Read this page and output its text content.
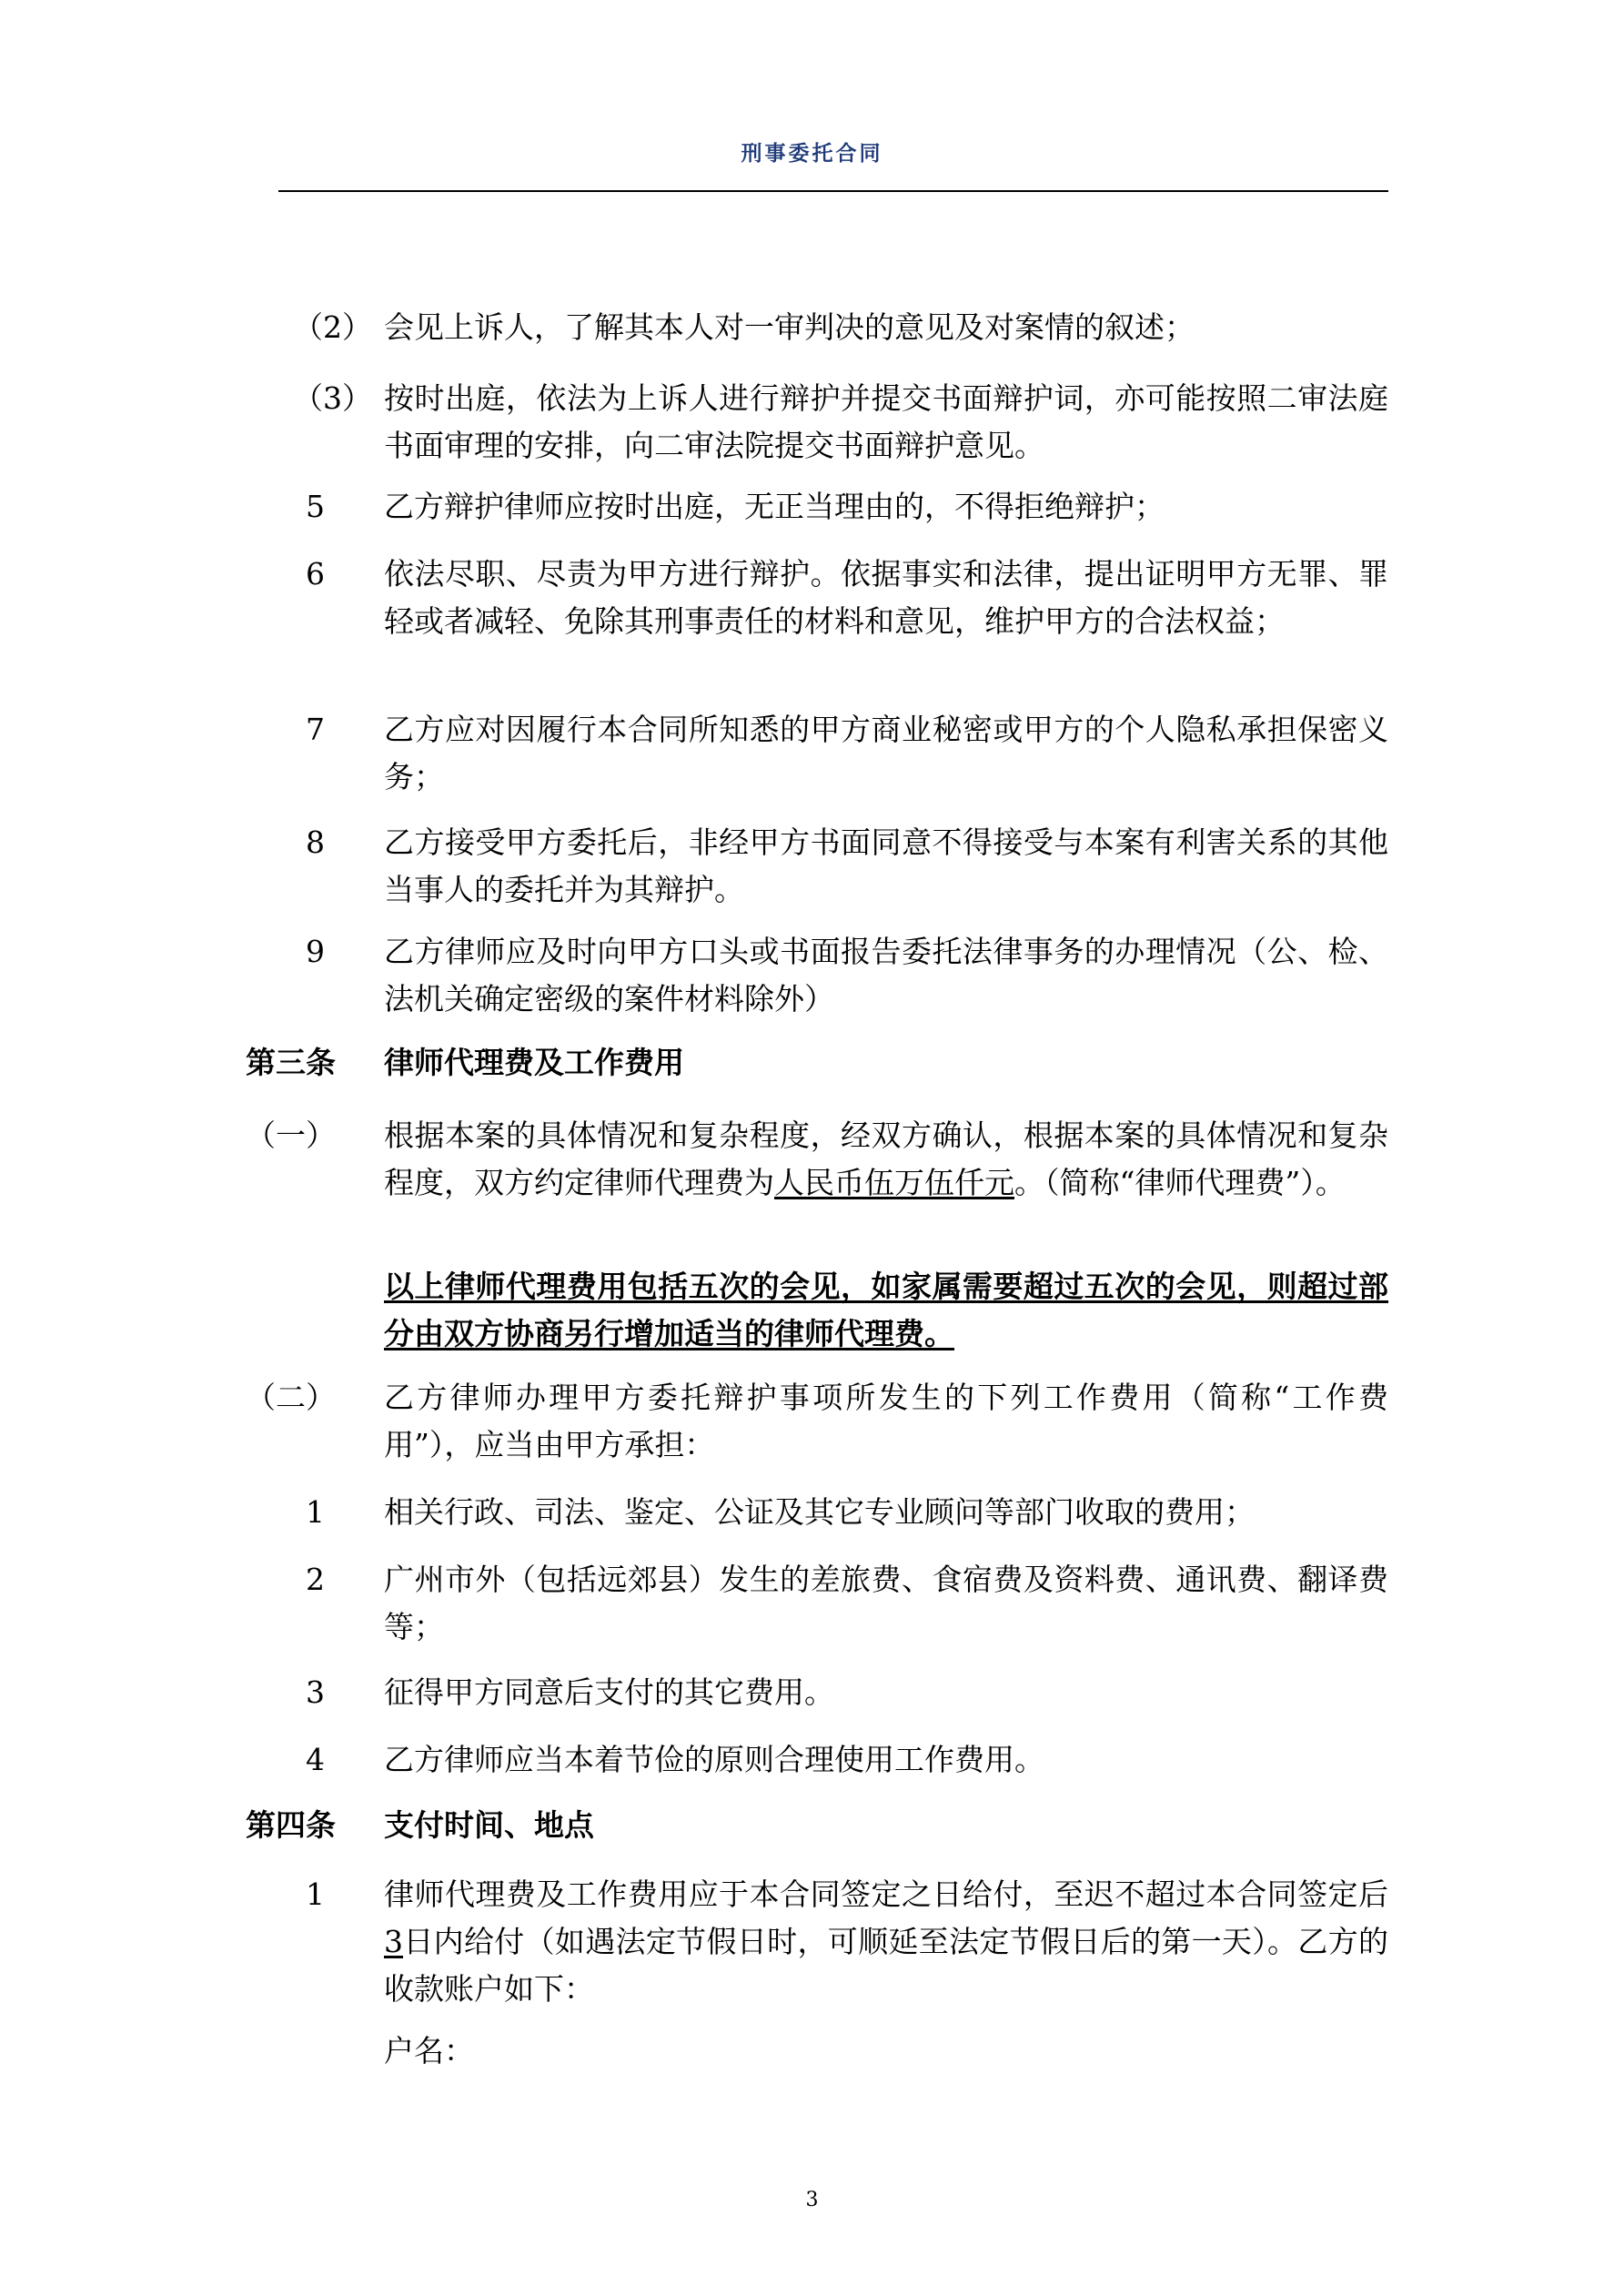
刑事委托合同
（2） 会见上诉人，了解其本人对一审判决的意见及对案情的叙述；
（3） 按时出庭，依法为上诉人进行辩护并提交书面辩护词，亦可能按照二审法庭书面审理的安排，向二审法院提交书面辩护意见。
5 乙方辩护律师应按时出庭，无正当理由的，不得拒绝辩护；
6 依法尽职、尽责为甲方进行辩护。依据事实和法律，提出证明甲方无罪、罪轻或者减轻、免除其刑事责任的材料和意见，维护甲方的合法权益；
7 乙方应对因履行本合同所知悉的甲方商业秘密或甲方的个人隐私承担保密义务；
8 乙方接受甲方委托后，非经甲方书面同意不得接受与本案有利害关系的其他当事人的委托并为其辩护。
9 乙方律师应及时向甲方口头或书面报告委托法律事务的办理情况（公、检、法机关确定密级的案件材料除外）
第三条 律师代理费及工作费用
（一） 根据本案的具体情况和复杂程度，经双方确认，根据本案的具体情况和复杂程度，双方约定律师代理费为人民币伍万伍仟元。（简称“律师代理费”）。
以上律师代理费用包括五次的会见，如家属需要超过五次的会见，则超过部分由双方协商另行增加适当的律师代理费。
（二） 乙方律师办理甲方委托辩护事项所发生的下列工作费用（简称“工作费用”），应当由甲方承担：
1 相关行政、司法、鉴定、公证及其它专业顾问等部门收取的费用；
2 广州市外（包括远郊县）发生的差旅费、食宿费及资料费、通讯费、翻译费等；
3 征得甲方同意后支付的其它费用。
4 乙方律师应当本着节俭的原则合理使用工作费用。
第四条 支付时间、地点
1 律师代理费及工作费用应于本合同签定之日给付，至迟不超过本合同签定后3日内给付（如遇法定节假日时，可顺延至法定节假日后的第一天）。乙方的收款账户如下：
户名：
3
